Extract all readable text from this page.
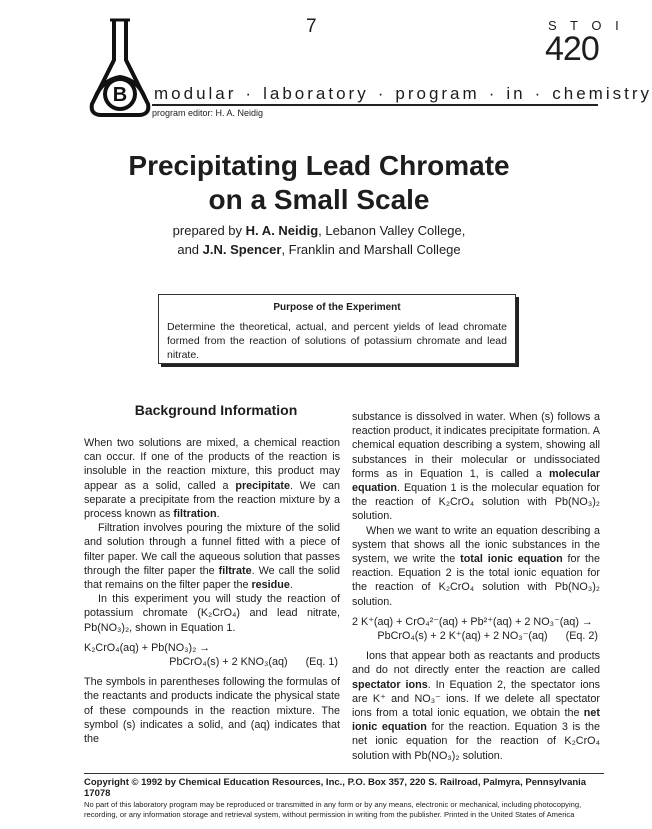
B
7	S T O I
420
modular · laboratory · program · in · chemistry
program editor: H. A. Neidig
Precipitating Lead Chromate
on a Small Scale
prepared by H. A. Neidig, Lebanon Valley College,
and J.N. Spencer, Franklin and Marshall College
Purpose of the Experiment
Determine the theoretical, actual, and percent yields of lead chromate formed from the reaction of solutions of potassium chromate and lead nitrate.
Background Information

When two solutions are mixed, a chemical reaction can occur. If one of the products of the reaction is insoluble in the reaction mixture, this product may appear as a solid, called a precipitate. We can separate a precipitate from the reaction mixture by a process known as filtration.

Filtration involves pouring the mixture of the solid and solution through a funnel fitted with a piece of filter paper. We call the aqueous solution that passes through the filter paper the filtrate. We call the solid that remains on the filter paper the residue.

In this experiment you will study the reaction of potassium chromate (K₂CrO₄) and lead nitrate, Pb(NO₃)₂, shown in Equation 1.

K₂CrO₄(aq) + Pb(NO₃)₂ →
PbCrO₄(s) + 2 KNO₃(aq)      (Eq. 1)

The symbols in parentheses following the formulas of the reactants and products indicate the physical state of these compounds in the reaction mixture. The symbol (s) indicates a solid, and (aq) indicates that the

substance is dissolved in water. When (s) follows a reaction product, it indicates precipitate formation. A chemical equation describing a system, showing all substances in their molecular or undissociated forms as in Equation 1, is called a molecular equation. Equation 1 is the molecular equation for the reaction of K₂CrO₄ solution with Pb(NO₃)₂ solution.

When we want to write an equation describing a system that shows all the ionic substances in the system, we write the total ionic equation for the reaction. Equation 2 is the total ionic equation for the reaction of K₂CrO₄ solution with Pb(NO₃)₂ solution.

2 K⁺(aq) + CrO₄²⁻(aq) + Pb²⁺(aq) + 2 NO₃⁻(aq) →
PbCrO₄(s) + 2 K⁺(aq) + 2 NO₃⁻(aq)      (Eq. 2)

Ions that appear both as reactants and products and do not directly enter the reaction are called spectator ions. In Equation 2, the spectator ions are K⁺ and NO₃⁻ ions. If we delete all spectator ions from a total ionic equation, we obtain the net ionic equation for the reaction. Equation 3 is the net ionic equation for the reaction of K₂CrO₄ solution with Pb(NO₃)₂ solution.

Copyright © 1992 by Chemical Education Resources, Inc., P.O. Box 357, 220 S. Railroad, Palmyra, Pennsylvania 17078
No part of this laboratory program may be reproduced or transmitted in any form or by any means, electronic or mechanical, including photocopying, recording, or any information storage and retrieval system, without permission in writing from the publisher. Printed in the United States of America
